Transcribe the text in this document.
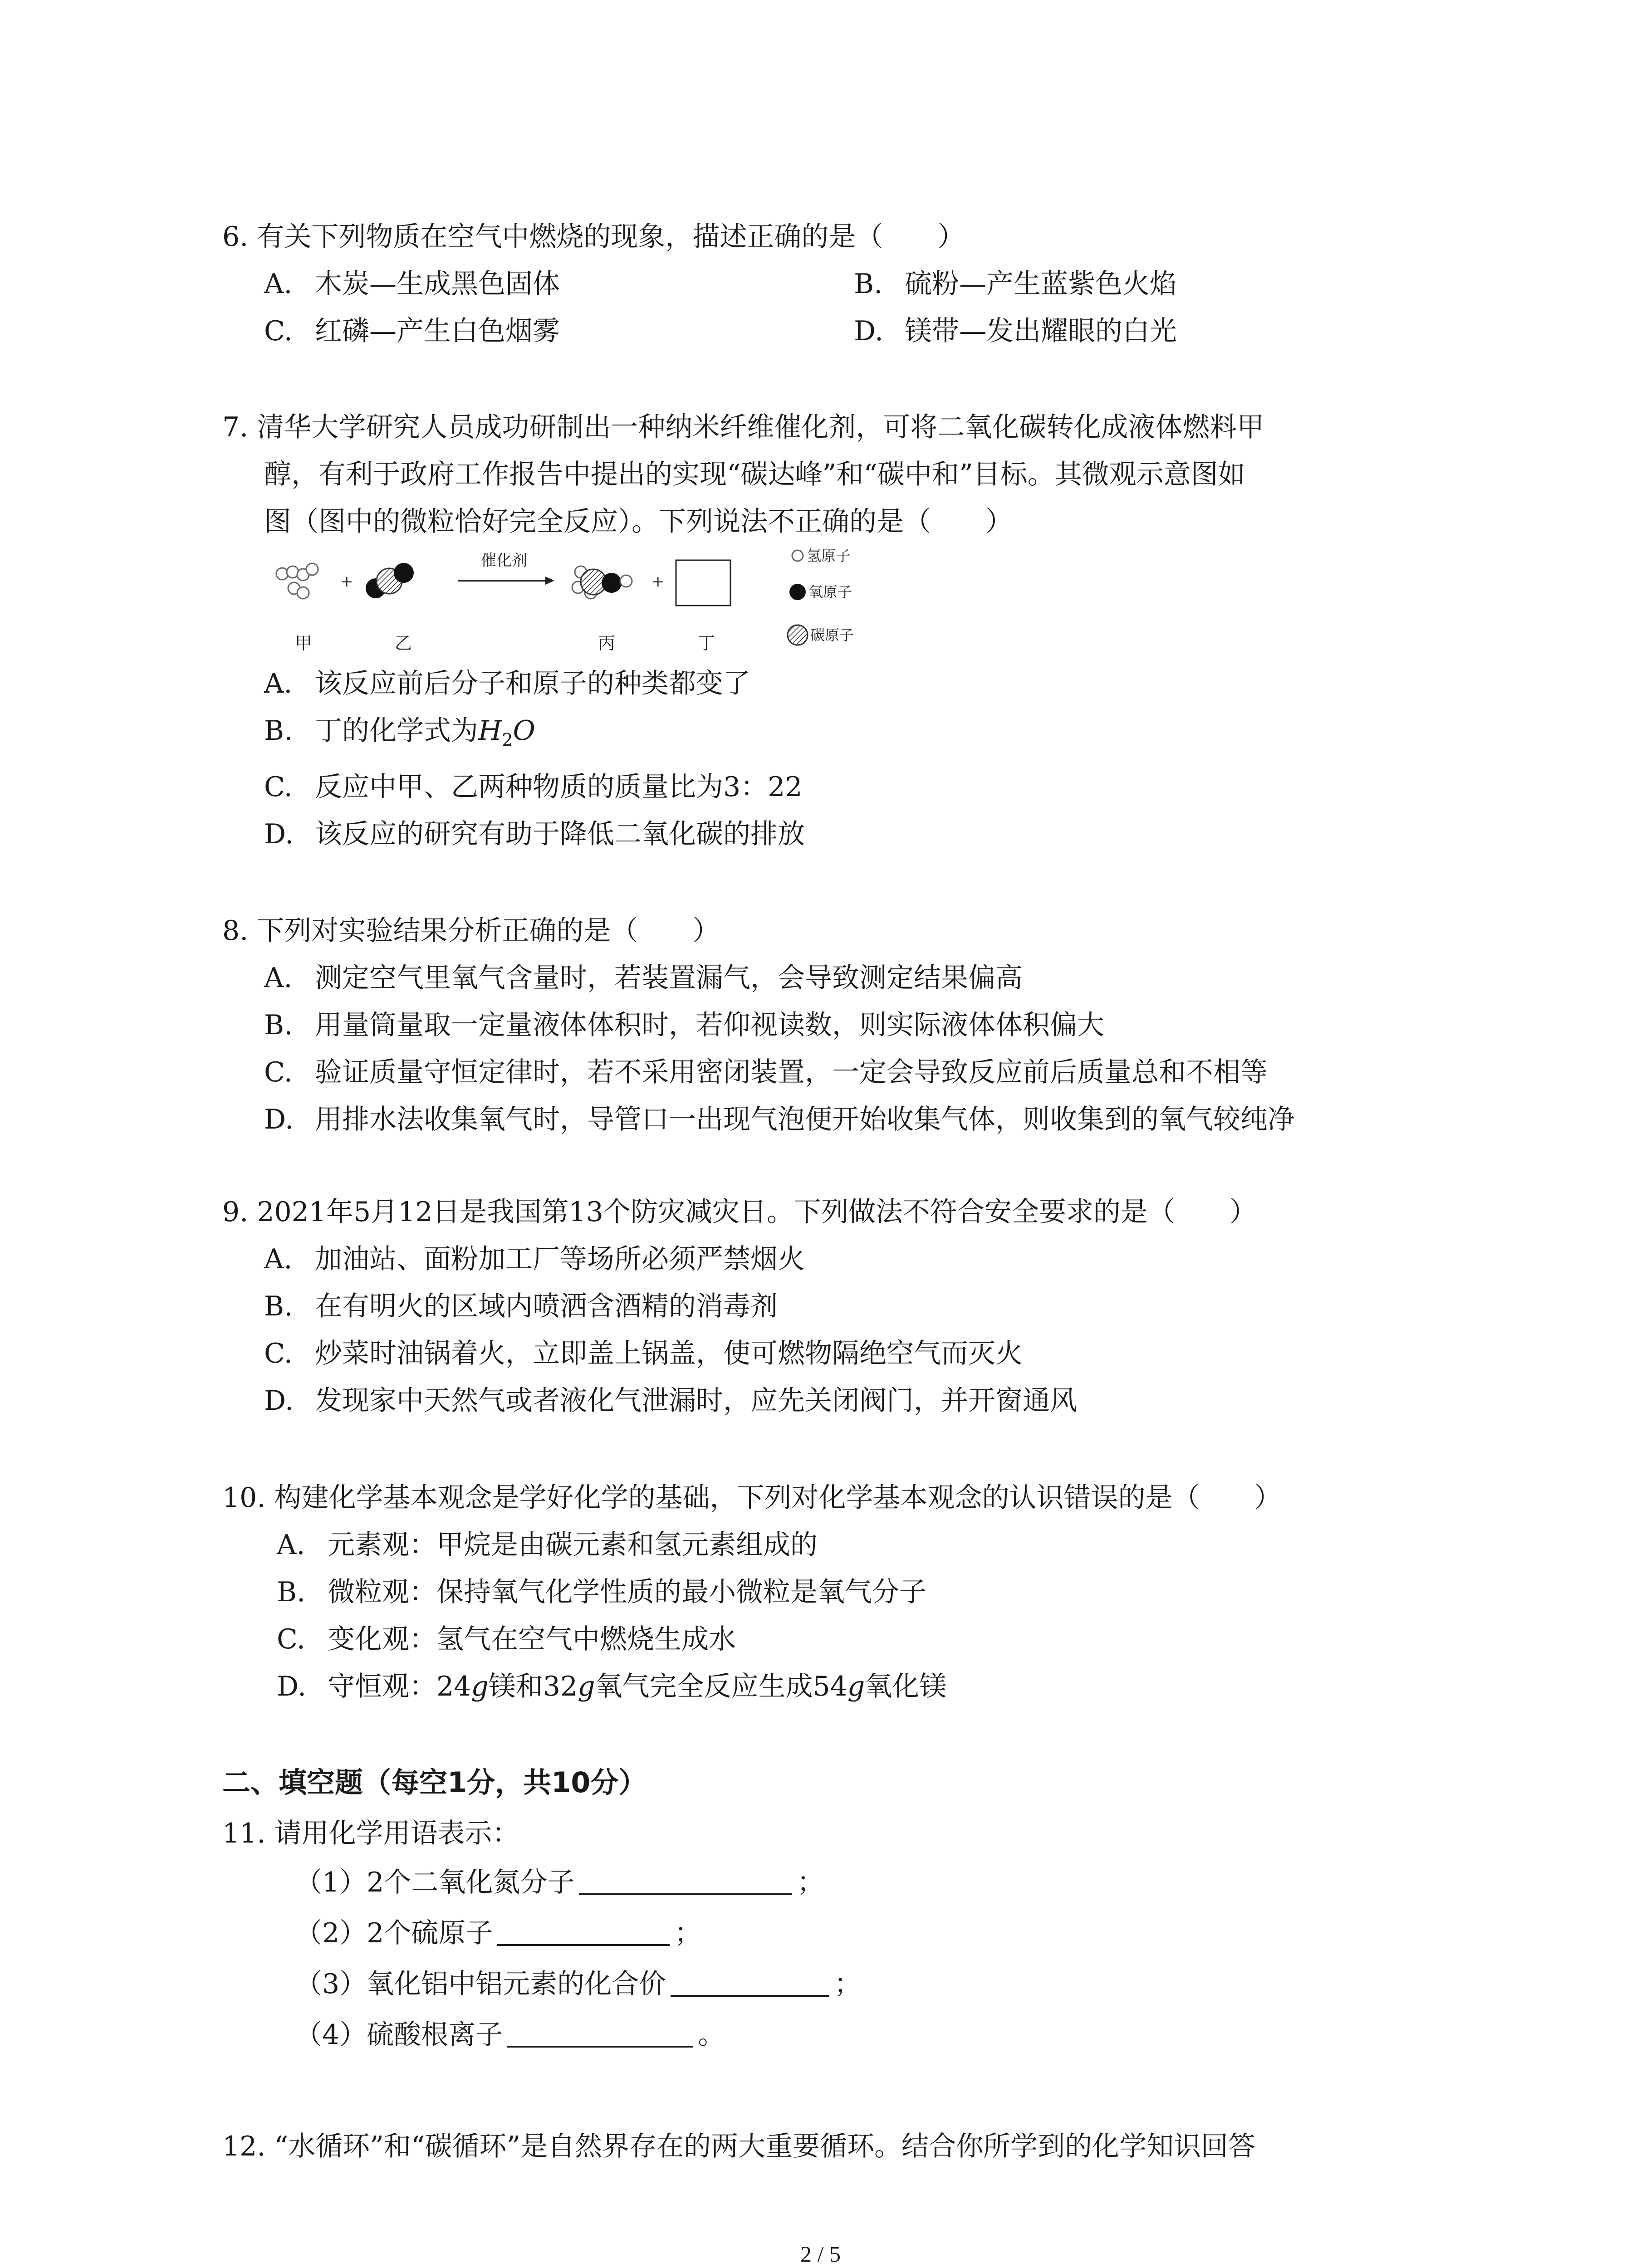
6. 有关下列物质在空气中燃烧的现象，描述正确的是（　　）
A. 木炭—生成黑色固体	B. 硫粉—产生蓝紫色火焰
C. 红磷—产生白色烟雾	D. 镁带—发出耀眼的白光
7. 清华大学研究人员成功研制出一种纳米纤维催化剂，可将二氧化碳转化成液体燃料甲
醇，有利于政府工作报告中提出的实现“碳达峰”和“碳中和”目标。其微观示意图如
图（图中的微粒恰好完全反应）。下列说法不正确的是（　　）
+
催化剂
+
氢原子
氧原子
碳原子
甲	乙	丙	丁
A. 该反应前后分子和原子的种类都变了
B. 丁的化学式为$H_2O$
C. 反应中甲、乙两种物质的质量比为3：22
D. 该反应的研究有助于降低二氧化碳的排放
8. 下列对实验结果分析正确的是（　　）
A. 测定空气里氧气含量时，若装置漏气，会导致测定结果偏高
B. 用量筒量取一定量液体体积时，若仰视读数，则实际液体体积偏大
C. 验证质量守恒定律时，若不采用密闭装置，一定会导致反应前后质量总和不相等
D. 用排水法收集氧气时，导管口一出现气泡便开始收集气体，则收集到的氧气较纯净
9. 2021年5月12日是我国第13个防灾减灾日。下列做法不符合安全要求的是（　　）
A. 加油站、面粉加工厂等场所必须严禁烟火
B. 在有明火的区域内喷洒含酒精的消毒剂
C. 炒菜时油锅着火，立即盖上锅盖，使可燃物隔绝空气而灭火
D. 发现家中天然气或者液化气泄漏时，应先关闭阀门，并开窗通风
10. 构建化学基本观念是学好化学的基础，下列对化学基本观念的认识错误的是（　　）
A. 元素观：甲烷是由碳元素和氢元素组成的
B. 微粒观：保持氧气化学性质的最小微粒是氧气分子
C. 变化观：氢气在空气中燃烧生成水
D. 守恒观：24g镁和32g氧气完全反应生成54g氧化镁
二、填空题（每空1分，共10分）
11. 请用化学用语表示：
（1）2个二氧化氮分子	；
（2）2个硫原子	；
（3）氧化铝中铝元素的化合价	；
（4）硫酸根离子	。
12. “水循环”和“碳循环”是自然界存在的两大重要循环。结合你所学到的化学知识回答
2 / 5
